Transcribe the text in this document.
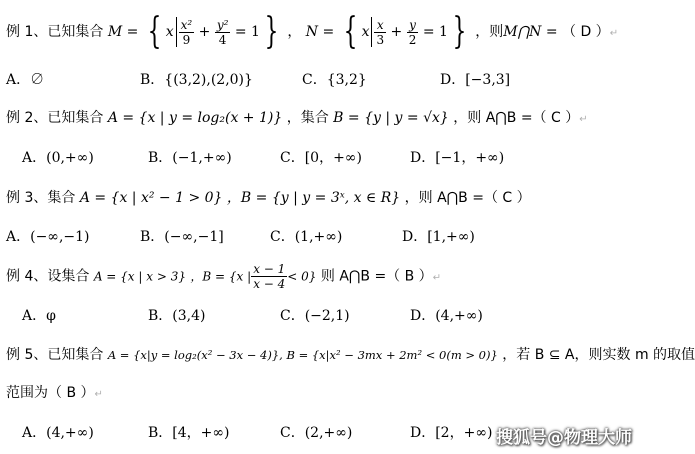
例 1、已知集合 M = { x $\frac{\text{x²}}{9} + \frac{\text{y²}}{4} = 1$ } ， N = { x $\frac{x}{3} + \frac{y}{2} = 1$ } ，则M⋂N = （ D ）↵
A．∅	B．{(3,2),(2,0)}	C．{3,2}	D．[−3,3]
例 2、已知集合 A = {x | y = log₂(x + 1)} ，集合 B = {y | y = √x} ，则 A⋂B =（ C ）↵
A．(0,+∞)	B．(−1,+∞)	C．[0，+∞)	D．[−1，+∞)
例 3、集合 A = {x | x² − 1 > 0} ，B = {y | y = 3ˣ, x ∈ R} ，则 A⋂B =（ C ）
A．(−∞,−1)	B．(−∞,−1]	C．(1,+∞)	D．[1,+∞)
例 4、设集合 A = {x | x > 3} ，B = {x | $\frac{x - 1}{x - 4} < 0$} 则 A⋂B =（ B ）↵
A．φ	B．(3,4)	C．(−2,1)	D．(4,+∞)
例 5、已知集合 A = {x|y = log₂(x² − 3x − 4)}, B = {x|x² − 3mx + 2m² < 0(m > 0)} ，若 B ⊆ A，则实数 m 的取值
范围为（ B ）↵
A．(4,+∞)	B．[4，+∞)	C．(2,+∞)	D．[2，+∞) 搜狐号@物理大师
